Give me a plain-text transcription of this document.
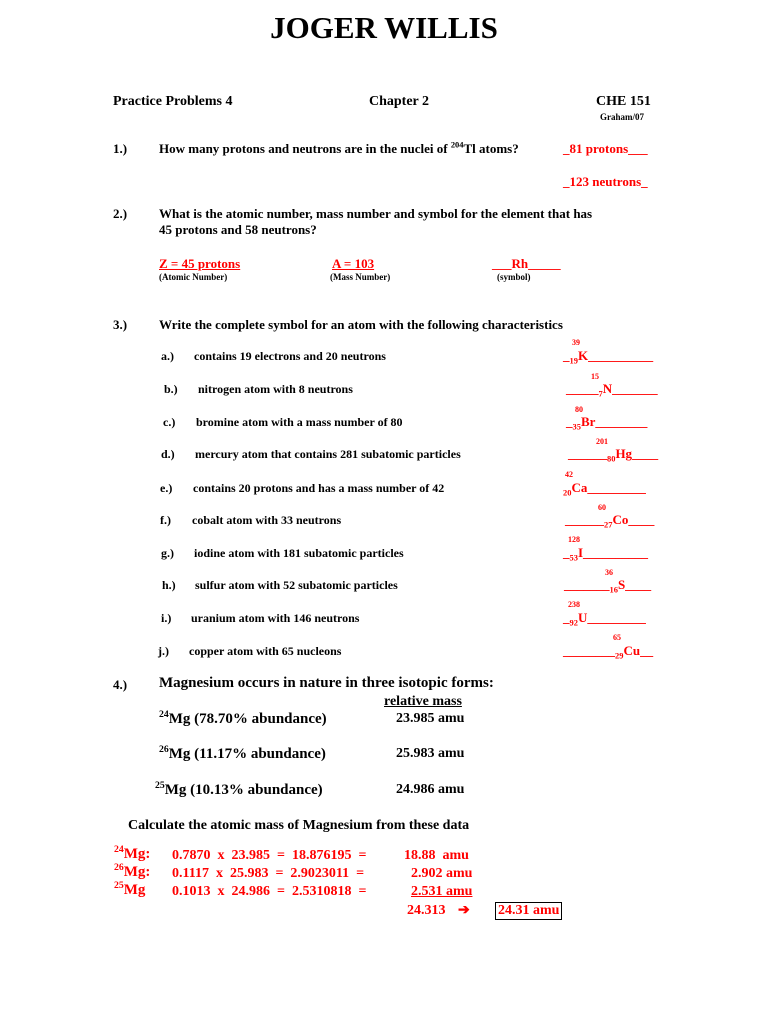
JOGER WILLIS
Practice Problems 4	Chapter 2	CHE 151
Graham/07
1.) How many protons and neutrons are in the nuclei of $^{204}$Tl atoms?	_81 protons___
_123 neutrons_
2.) What is the atomic number, mass number and symbol for the element that has
45 protons and 58 neutrons?
Z = 45 protons
(Atomic Number)
A = 103
(Mass Number)
___Rh_____
(symbol)
3.) Write the complete symbol for an atom with the following characteristics
a.) contains 19 electrons and 20 neutrons
39
$\__{19}K\_\_\_\_\_\_\_\_\_\_$
b.) nitrogen atom with 8 neutrons
15
$\_\_\_\_\__7N\_\_\_\_\_\_\_$
c.) bromine atom with a mass number of 80
80
$\__{35}Br\_\_\_\_\_\_\_\_$
d.) mercury atom that contains 281 subatomic particles
201
$\_\_\_\_\_\__{80}Hg\_\_\_\_$
e.) contains 20 protons and has a mass number of 42
42
$_{20}$Ca_________
f.) cobalt atom with 33 neutrons
60
$\_\_\_\_\_\__{27}Co\_\_\_\_$
g.) iodine atom with 181 subatomic particles
128
$\__{53}I\_\_\_\_\_\_\_\_\_\_$
h.) sulfur atom with 52 subatomic particles
36
$\_\_\_\_\_\_\__{16}S\_\_\_\_$
i.) uranium atom with 146 neutrons
238
$\__{92}U\_\_\_\_\_\_\_\_\_$
j.) copper atom with 65 nucleons
65
$\_\_\_\_\_\_\_\__{29}Cu\_\_$
4.) Magnesium occurs in nature in three isotopic forms:
relative mass
$^{24}$Mg (78.70% abundance)	23.985 amu
$^{26}$Mg (11.17% abundance)	25.983 amu
$^{25}$Mg (10.13% abundance)	24.986 amu
Calculate the atomic mass of Magnesium from these data
$^{24}$Mg: 0.7870  x  23.985  =  18.876195  =	18.88  amu
$^{26}$Mg: 0.1117  x  25.983  =  2.9023011  =	2.902 amu
$^{25}$Mg 0.1013  x  24.986  =  2.5310818  =	2.531 amu
24.313 ➔ 24.31 amu
